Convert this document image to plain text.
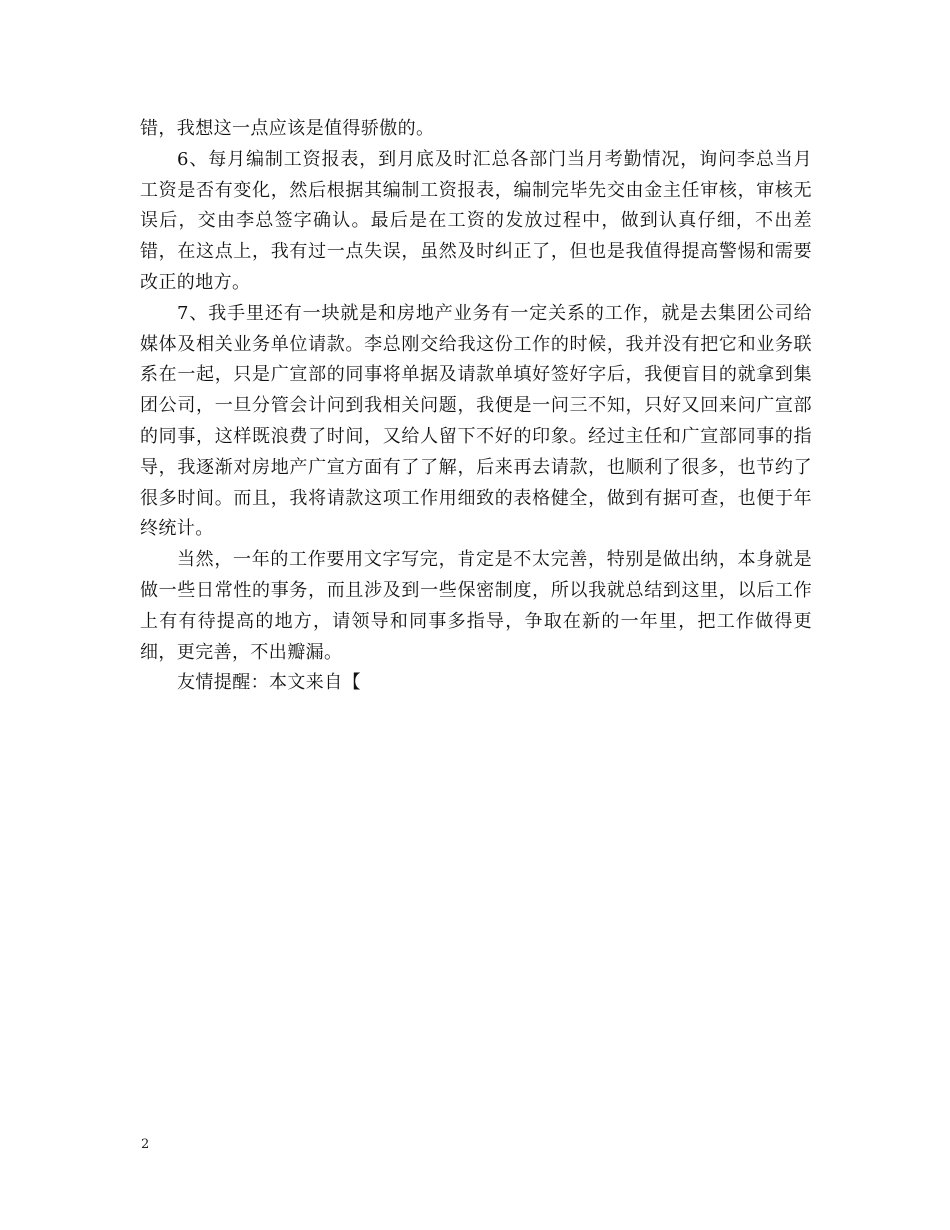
错，我想这一点应该是值得骄傲的。

6、每月编制工资报表，到月底及时汇总各部门当月考勤情况，询问李总当月工资是否有变化，然后根据其编制工资报表，编制完毕先交由金主任审核，审核无误后，交由李总签字确认。最后是在工资的发放过程中，做到认真仔细，不出差错，在这点上，我有过一点失误，虽然及时纠正了，但也是我值得提高警惕和需要改正的地方。

7、我手里还有一块就是和房地产业务有一定关系的工作，就是去集团公司给媒体及相关业务单位请款。李总刚交给我这份工作的时候，我并没有把它和业务联系在一起，只是广宣部的同事将单据及请款单填好签好字后，我便盲目的就拿到集团公司，一旦分管会计问到我相关问题，我便是一问三不知，只好又回来问广宣部的同事，这样既浪费了时间，又给人留下不好的印象。经过主任和广宣部同事的指导，我逐渐对房地产广宣方面有了了解，后来再去请款，也顺利了很多，也节约了很多时间。而且，我将请款这项工作用细致的表格健全，做到有据可查，也便于年终统计。

当然，一年的工作要用文字写完，肯定是不太完善，特别是做出纳，本身就是做一些日常性的事务，而且涉及到一些保密制度，所以我就总结到这里，以后工作上有有待提高的地方，请领导和同事多指导，争取在新的一年里，把工作做得更细，更完善，不出瓣漏。

友情提醒：本文来自【

2
